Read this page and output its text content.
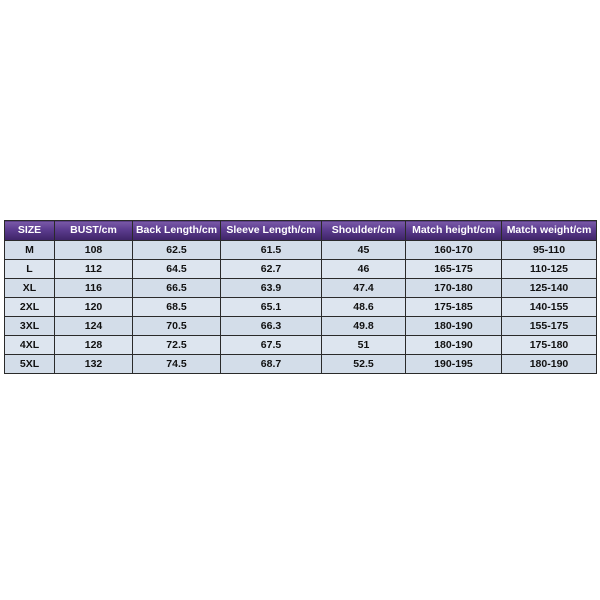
SIZE	BUST/cm	Back Length/cm	Sleeve Length/cm	Shoulder/cm	Match height/cm	Match weight/cm
M	108	62.5	61.5	45	160-170	95-110
L	112	64.5	62.7	46	165-175	110-125
XL	116	66.5	63.9	47.4	170-180	125-140
2XL	120	68.5	65.1	48.6	175-185	140-155
3XL	124	70.5	66.3	49.8	180-190	155-175
4XL	128	72.5	67.5	51	180-190	175-180
5XL	132	74.5	68.7	52.5	190-195	180-190
